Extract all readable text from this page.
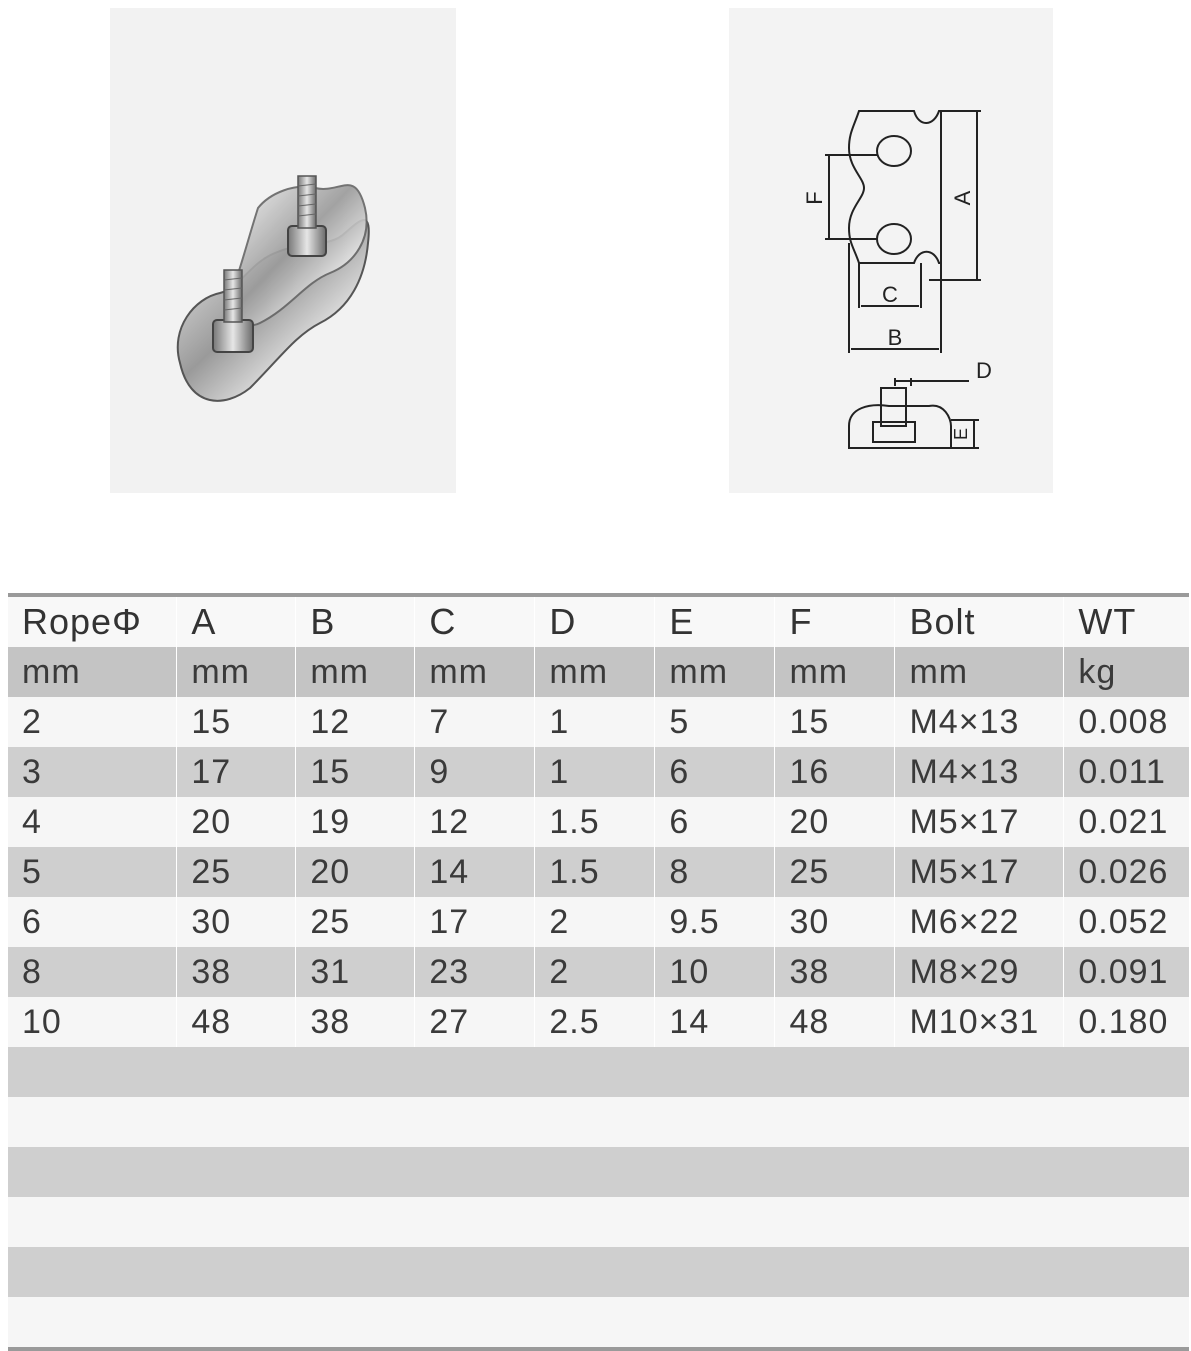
A
F
C
B
D
E
RopeΦ	A	B	C	D	E	F	Bolt	WT
mm	mm	mm	mm	mm	mm	mm	mm	kg
2	15	12	7	1	5	15	M4×13	0.008
3	17	15	9	1	6	16	M4×13	0.011
4	20	19	12	1.5	6	20	M5×17	0.021
5	25	20	14	1.5	8	25	M5×17	0.026
6	30	25	17	2	9.5	30	M6×22	0.052
8	38	31	23	2	10	38	M8×29	0.091
10	48	38	27	2.5	14	48	M10×31	0.180
